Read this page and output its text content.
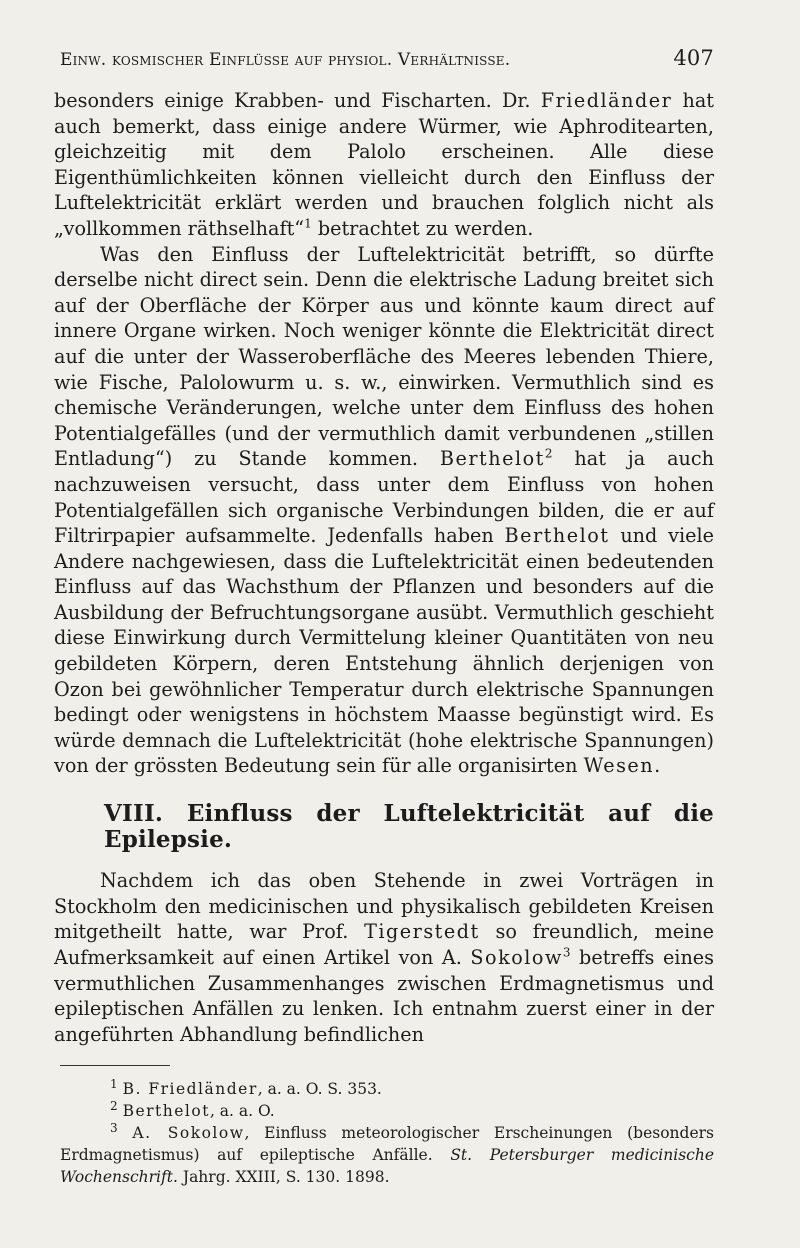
Einw. kosmischer Einflüsse auf physiol. Verhältnisse.	407

besonders einige Krabben- und Fischarten. Dr. Friedländer hat auch bemerkt, dass einige andere Würmer, wie Aphroditearten, gleichzeitig mit dem Palolo erscheinen. Alle diese Eigenthümlichkeiten können vielleicht durch den Einfluss der Luftelektricität erklärt werden und brauchen folglich nicht als „vollkommen räthselhaft“$^1$ betrachtet zu werden.

Was den Einfluss der Luftelektricität betrifft, so dürfte derselbe nicht direct sein. Denn die elektrische Ladung breitet sich auf der Oberfläche der Körper aus und könnte kaum direct auf innere Organe wirken. Noch weniger könnte die Elektricität direct auf die unter der Wasseroberfläche des Meeres lebenden Thiere, wie Fische, Palolowurm u. s. w., einwirken. Vermuthlich sind es chemische Veränderungen, welche unter dem Einfluss des hohen Potentialgefälles (und der vermuthlich damit verbundenen „stillen Entladung“) zu Stande kommen. Berthelot$^2$ hat ja auch nachzuweisen versucht, dass unter dem Einfluss von hohen Potentialgefällen sich organische Verbindungen bilden, die er auf Filtrirpapier aufsammelte. Jedenfalls haben Berthelot und viele Andere nachgewiesen, dass die Luftelektricität einen bedeutenden Einfluss auf das Wachsthum der Pflanzen und besonders auf die Ausbildung der Befruchtungsorgane ausübt. Vermuthlich geschieht diese Einwirkung durch Vermittelung kleiner Quantitäten von neu gebildeten Körpern, deren Entstehung ähnlich derjenigen von Ozon bei gewöhnlicher Temperatur durch elektrische Spannungen bedingt oder wenigstens in höchstem Maasse begünstigt wird. Es würde demnach die Luftelektricität (hohe elektrische Spannungen) von der grössten Bedeutung sein für alle organisirten Wesen.

VIII. Einfluss der Luftelektricität auf die Epilepsie.

Nachdem ich das oben Stehende in zwei Vorträgen in Stockholm den medicinischen und physikalisch gebildeten Kreisen mitgetheilt hatte, war Prof. Tigerstedt so freundlich, meine Aufmerksamkeit auf einen Artikel von A. Sokolow$^3$ betreffs eines vermuthlichen Zusammenhanges zwischen Erdmagnetismus und epileptischen Anfällen zu lenken. Ich entnahm zuerst einer in der angeführten Abhandlung befindlichen

$^1$ B. Friedländer, a. a. O. S. 353.

$^2$ Berthelot, a. a. O.

$^3$ A. Sokolow, Einfluss meteorologischer Erscheinungen (besonders Erdmagnetismus) auf epileptische Anfälle. St. Petersburger medicinische Wochenschrift. Jahrg. XXIII, S. 130. 1898.
